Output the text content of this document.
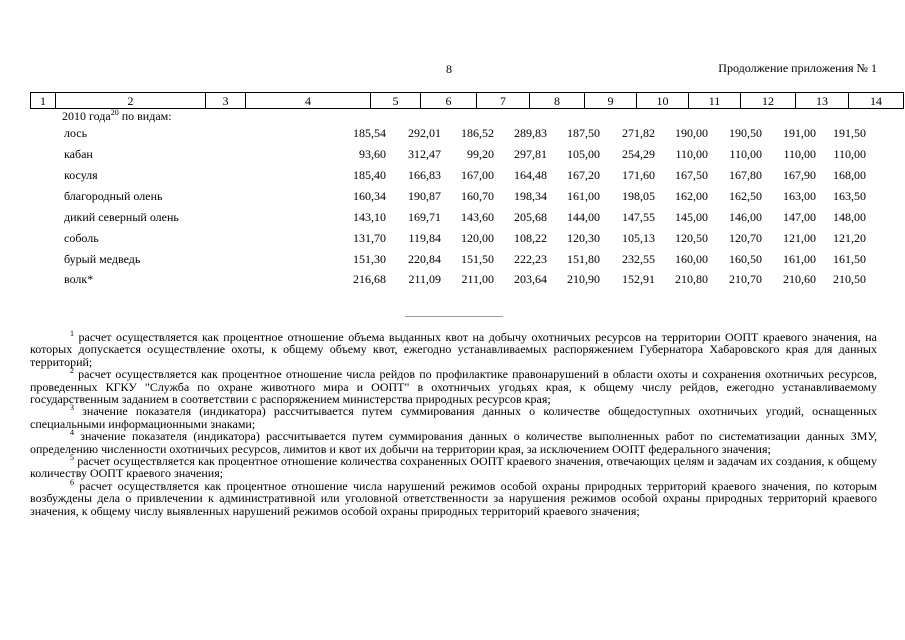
8	Продолжение приложения № 1
1	2	3	4	5	6	7	8	9	10	11	12	13	14
2010 года$^{20}$ по видам:
лось	185,54 292,01 186,52 289,83 187,50 271,82 190,00 190,50 191,00 191,50
кабан	93,60 312,47 99,20 297,81 105,00 254,29 110,00 110,00 110,00 110,00
косуля	185,40 166,83 167,00 164,48 167,20 171,60 167,50 167,80 167,90 168,00
благородный олень	160,34 190,87 160,70 198,34 161,00 198,05 162,00 162,50 163,00 163,50
дикий северный олень	143,10 169,71 143,60 205,68 144,00 147,55 145,00 146,00 147,00 148,00
соболь	131,70 119,84 120,00 108,22 120,30 105,13 120,50 120,70 121,00 121,20
бурый медведь	151,30 220,84 151,50 222,23 151,80 232,55 160,00 160,50 161,00 161,50
волк*	216,68 211,09 211,00 203,64 210,90 152,91 210,80 210,70 210,60 210,50

$^1$ расчет осуществляется как процентное отношение объема выданных квот на добычу охотничьих ресурсов на территории ООПТ краевого значения, на которых допускается осуществление охоты, к общему объему квот, ежегодно устанавливаемых распоряжением Губернатора Хабаровского края для данных территорий;

$^2$ расчет осуществляется как процентное отношение числа рейдов по профилактике правонарушений в области охоты и сохранения охотничьих ресурсов, проведенных КГКУ "Служба по охране животного мира и ООПТ" в охотничьих угодьях края, к общему числу рейдов, ежегодно устанавливаемому государственным заданием в соответствии с распоряжением министерства природных ресурсов края;

$^3$ значение показателя (индикатора) рассчитывается путем суммирования данных о количестве общедоступных охотничьих угодий, оснащенных специальными информационными знаками;

$^4$ значение показателя (индикатора) рассчитывается путем суммирования данных о количестве выполненных работ по систематизации данных ЗМУ, определению численности охотничьих ресурсов, лимитов и квот их добычи на территории края, за исключением ООПТ федерального значения;

$^5$ расчет осуществляется как процентное отношение количества сохраненных ООПТ краевого значения, отвечающих целям и задачам их создания, к общему количеству ООПТ краевого значения;

$^6$ расчет осуществляется как процентное отношение числа нарушений режимов особой охраны природных территорий краевого значения, по которым возбуждены дела о привлечении к административной или уголовной ответственности за нарушения режимов особой охраны природных территорий краевого значения, к общему числу выявленных нарушений режимов особой охраны природных территорий краевого значения;
